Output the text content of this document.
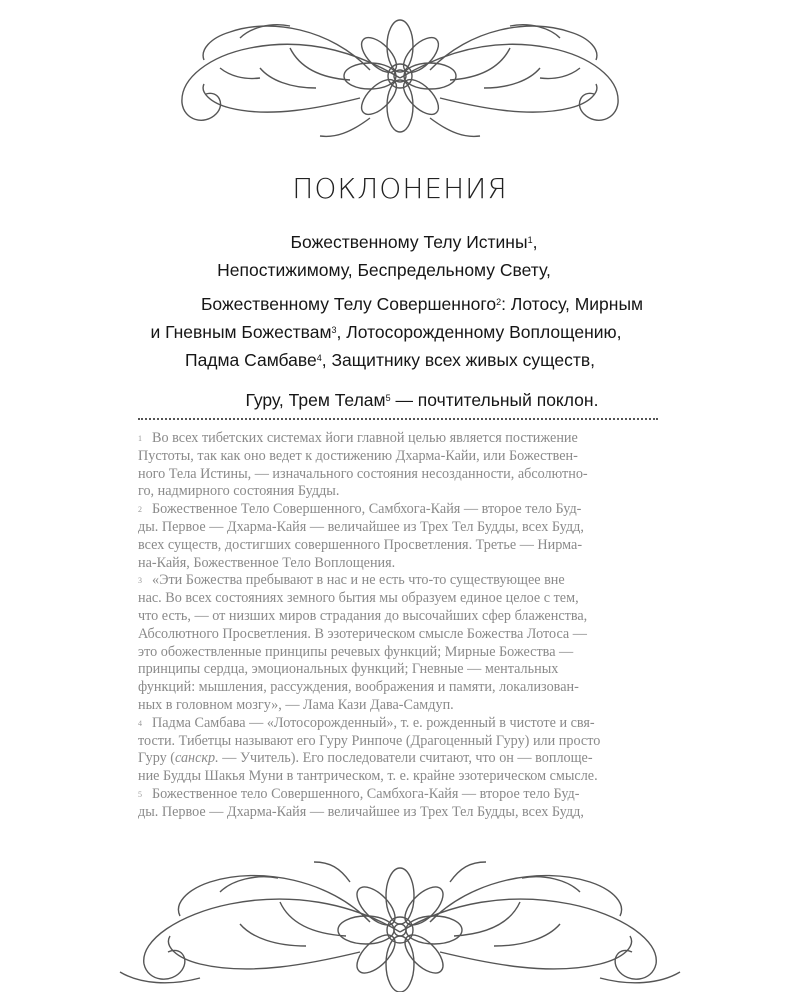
ПОКЛОНЕНИЯ
Божественному Телу Истины$^1$,
Непостижимому, Беспредельному Свету,
Божественному Телу Совершенного$^2$: Лотосу, Мирным
и Гневным Божествам$^3$, Лотосорожденному Воплощению,
Падма Самбаве$^4$, Защитнику всех живых существ,
Гуру, Трем Телам$^5$ — почтительный поклон.

$^1$ Во всех тибетских системах йоги главной целью является постижение
Пустоты, так как оно ведет к достижению Дхарма-Кайи, или Божествен-
ного Тела Истины, — изначального состояния несозданности, абсолютно-
го, надмирного состояния Будды.

$^2$ Божественное Тело Совершенного, Самбхога-Кайя — второе тело Буд-
ды. Первое — Дхарма-Кайя — величайшее из Трех Тел Будды, всех Будд,
всех существ, достигших совершенного Просветления. Третье — Нирма-
на-Кайя, Божественное Тело Воплощения.

$^3$ «Эти Божества пребывают в нас и не есть что-то существующее вне
нас. Во всех состояниях земного бытия мы образуем единое целое с тем,
что есть, — от низших миров страдания до высочайших сфер блаженства,
Абсолютного Просветления. В эзотерическом смысле Божества Лотоса —
это обожествленные принципы речевых функций; Мирные Божества —
принципы сердца, эмоциональных функций; Гневные — ментальных
функций: мышления, рассуждения, воображения и памяти, локализован-
ных в головном мозгу», — Лама Кази Дава-Самдуп.

$^4$ Падма Самбава — «Лотосорожденный», т. е. рожденный в чистоте и свя-
тости. Тибетцы называют его Гуру Ринпоче (Драгоценный Гуру) или просто
Гуру (санскр. — Учитель). Его последователи считают, что он — воплоще-
ние Будды Шакья Муни в тантрическом, т. е. крайне эзотерическом смысле.

$^5$ Божественное тело Совершенного, Самбхога-Кайя — второе тело Буд-
ды. Первое — Дхарма-Кайя — величайшее из Трех Тел Будды, всех Будд,
